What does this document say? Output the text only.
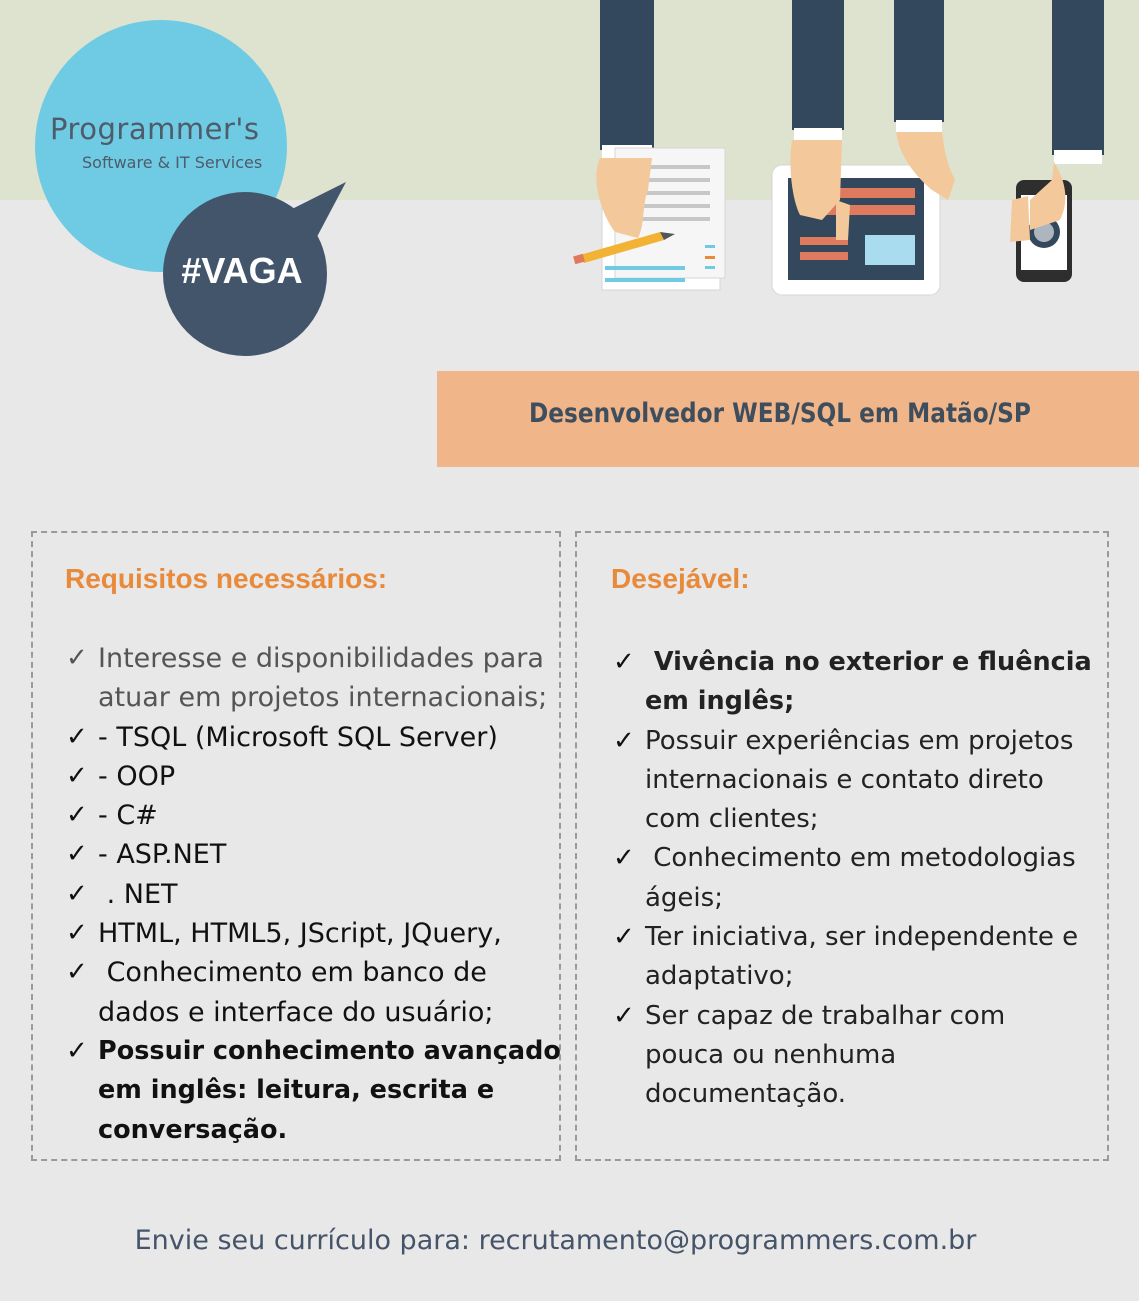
Programmer's
Software & IT Services
#VAGA
Desenvolvedor WEB/SQL em Matão/SP
Requisitos necessários:
✓ Interesse e disponibilidades para
atuar em projetos internacionais;
✓ - TSQL (Microsoft SQL Server)
✓ - OOP
✓ - C#
✓ - ASP.NET
✓ . NET
✓ HTML, HTML5, JScript, JQuery,
✓ Conhecimento em banco de
dados e interface do usuário;
✓ Possuir conhecimento avançado
em inglês: leitura, escrita e
conversação.
Desejável:
✓ Vivência no exterior e fluência
em inglês;
✓ Possuir experiências em projetos
internacionais e contato direto
com clientes;
✓ Conhecimento em metodologias
ágeis;
✓ Ter iniciativa, ser independente e
adaptativo;
✓ Ser capaz de trabalhar com
pouca ou nenhuma
documentação.
Envie seu currículo para: recrutamento@programmers.com.br
